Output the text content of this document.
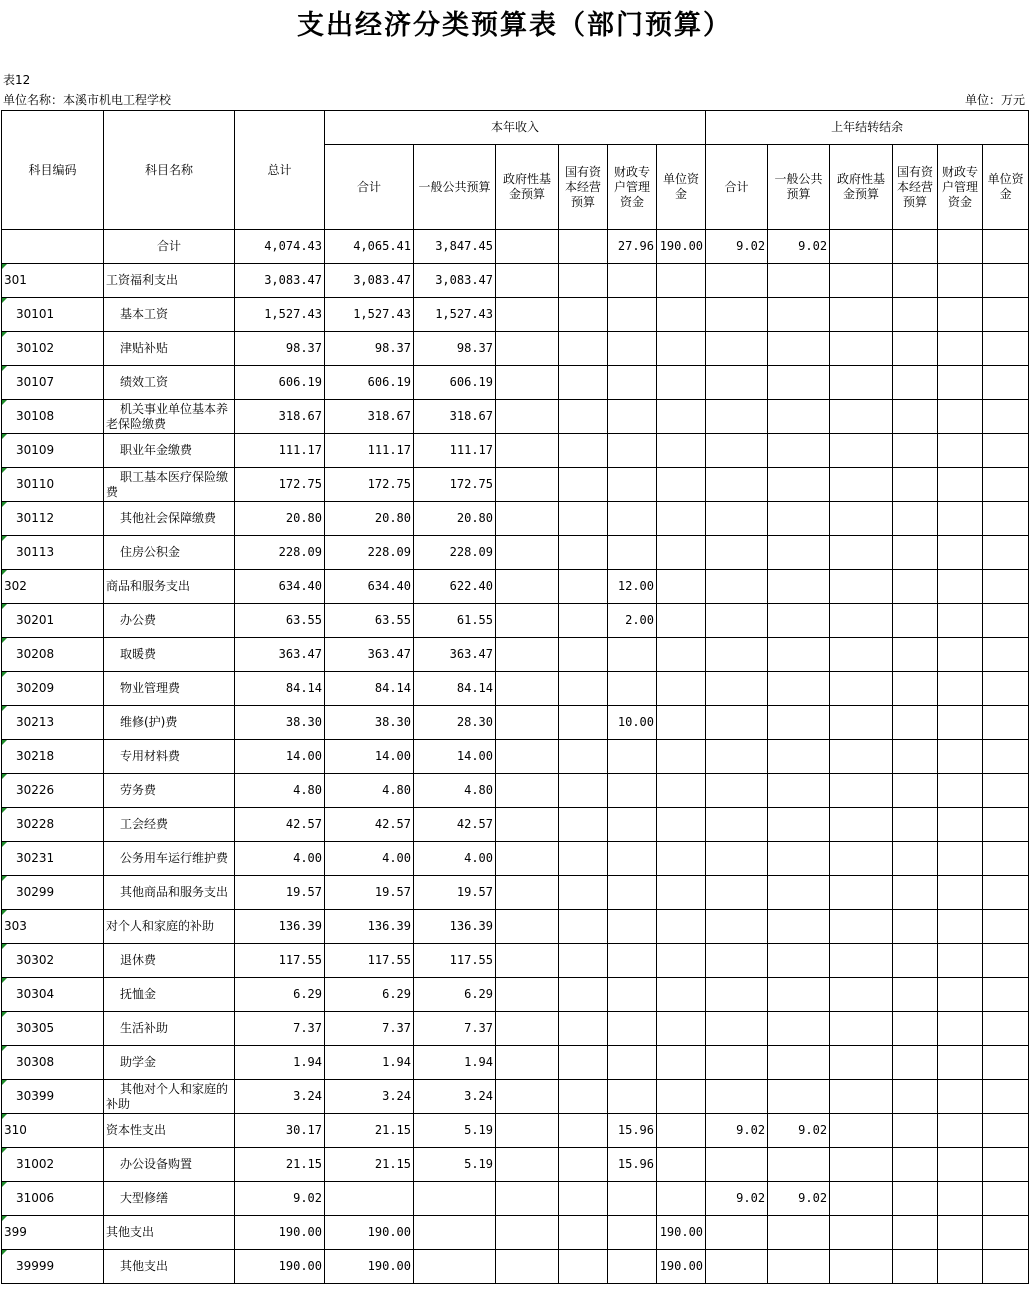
支出经济分类预算表（部门预算）
表12
单位名称：本溪市机电工程学校	单位：万元
科目编码	科目名称	总计	本年收入						上年结转结余					
			合计	一般公共预算	政府性基金预算	国有资本经营预算	财政专户管理资金	单位资金	合计	一般公共预算	政府性基金预算	国有资本经营预算	财政专户管理资金	单位资金
	合计	4,074.43	4,065.41	3,847.45			27.96	190.00	9.02	9.02				
301	工资福利支出	3,083.47	3,083.47	3,083.47										
30101	基本工资	1,527.43	1,527.43	1,527.43										
30102	津贴补贴	98.37	98.37	98.37										
30107	绩效工资	606.19	606.19	606.19										
30108	机关事业单位基本养老保险缴费	318.67	318.67	318.67										
30109	职业年金缴费	111.17	111.17	111.17										
30110	职工基本医疗保险缴费	172.75	172.75	172.75										
30112	其他社会保障缴费	20.80	20.80	20.80										
30113	住房公积金	228.09	228.09	228.09										
302	商品和服务支出	634.40	634.40	622.40			12.00							
30201	办公费	63.55	63.55	61.55			2.00							
30208	取暖费	363.47	363.47	363.47										
30209	物业管理费	84.14	84.14	84.14										
30213	维修(护)费	38.30	38.30	28.30			10.00							
30218	专用材料费	14.00	14.00	14.00										
30226	劳务费	4.80	4.80	4.80										
30228	工会经费	42.57	42.57	42.57										
30231	公务用车运行维护费	4.00	4.00	4.00										
30299	其他商品和服务支出	19.57	19.57	19.57										
303	对个人和家庭的补助	136.39	136.39	136.39										
30302	退休费	117.55	117.55	117.55										
30304	抚恤金	6.29	6.29	6.29										
30305	生活补助	7.37	7.37	7.37										
30308	助学金	1.94	1.94	1.94										
30399	其他对个人和家庭的补助	3.24	3.24	3.24										
310	资本性支出	30.17	21.15	5.19			15.96		9.02	9.02				
31002	办公设备购置	21.15	21.15	5.19			15.96							
31006	大型修缮	9.02							9.02	9.02				
399	其他支出	190.00	190.00					190.00						
39999	其他支出	190.00	190.00					190.00						
